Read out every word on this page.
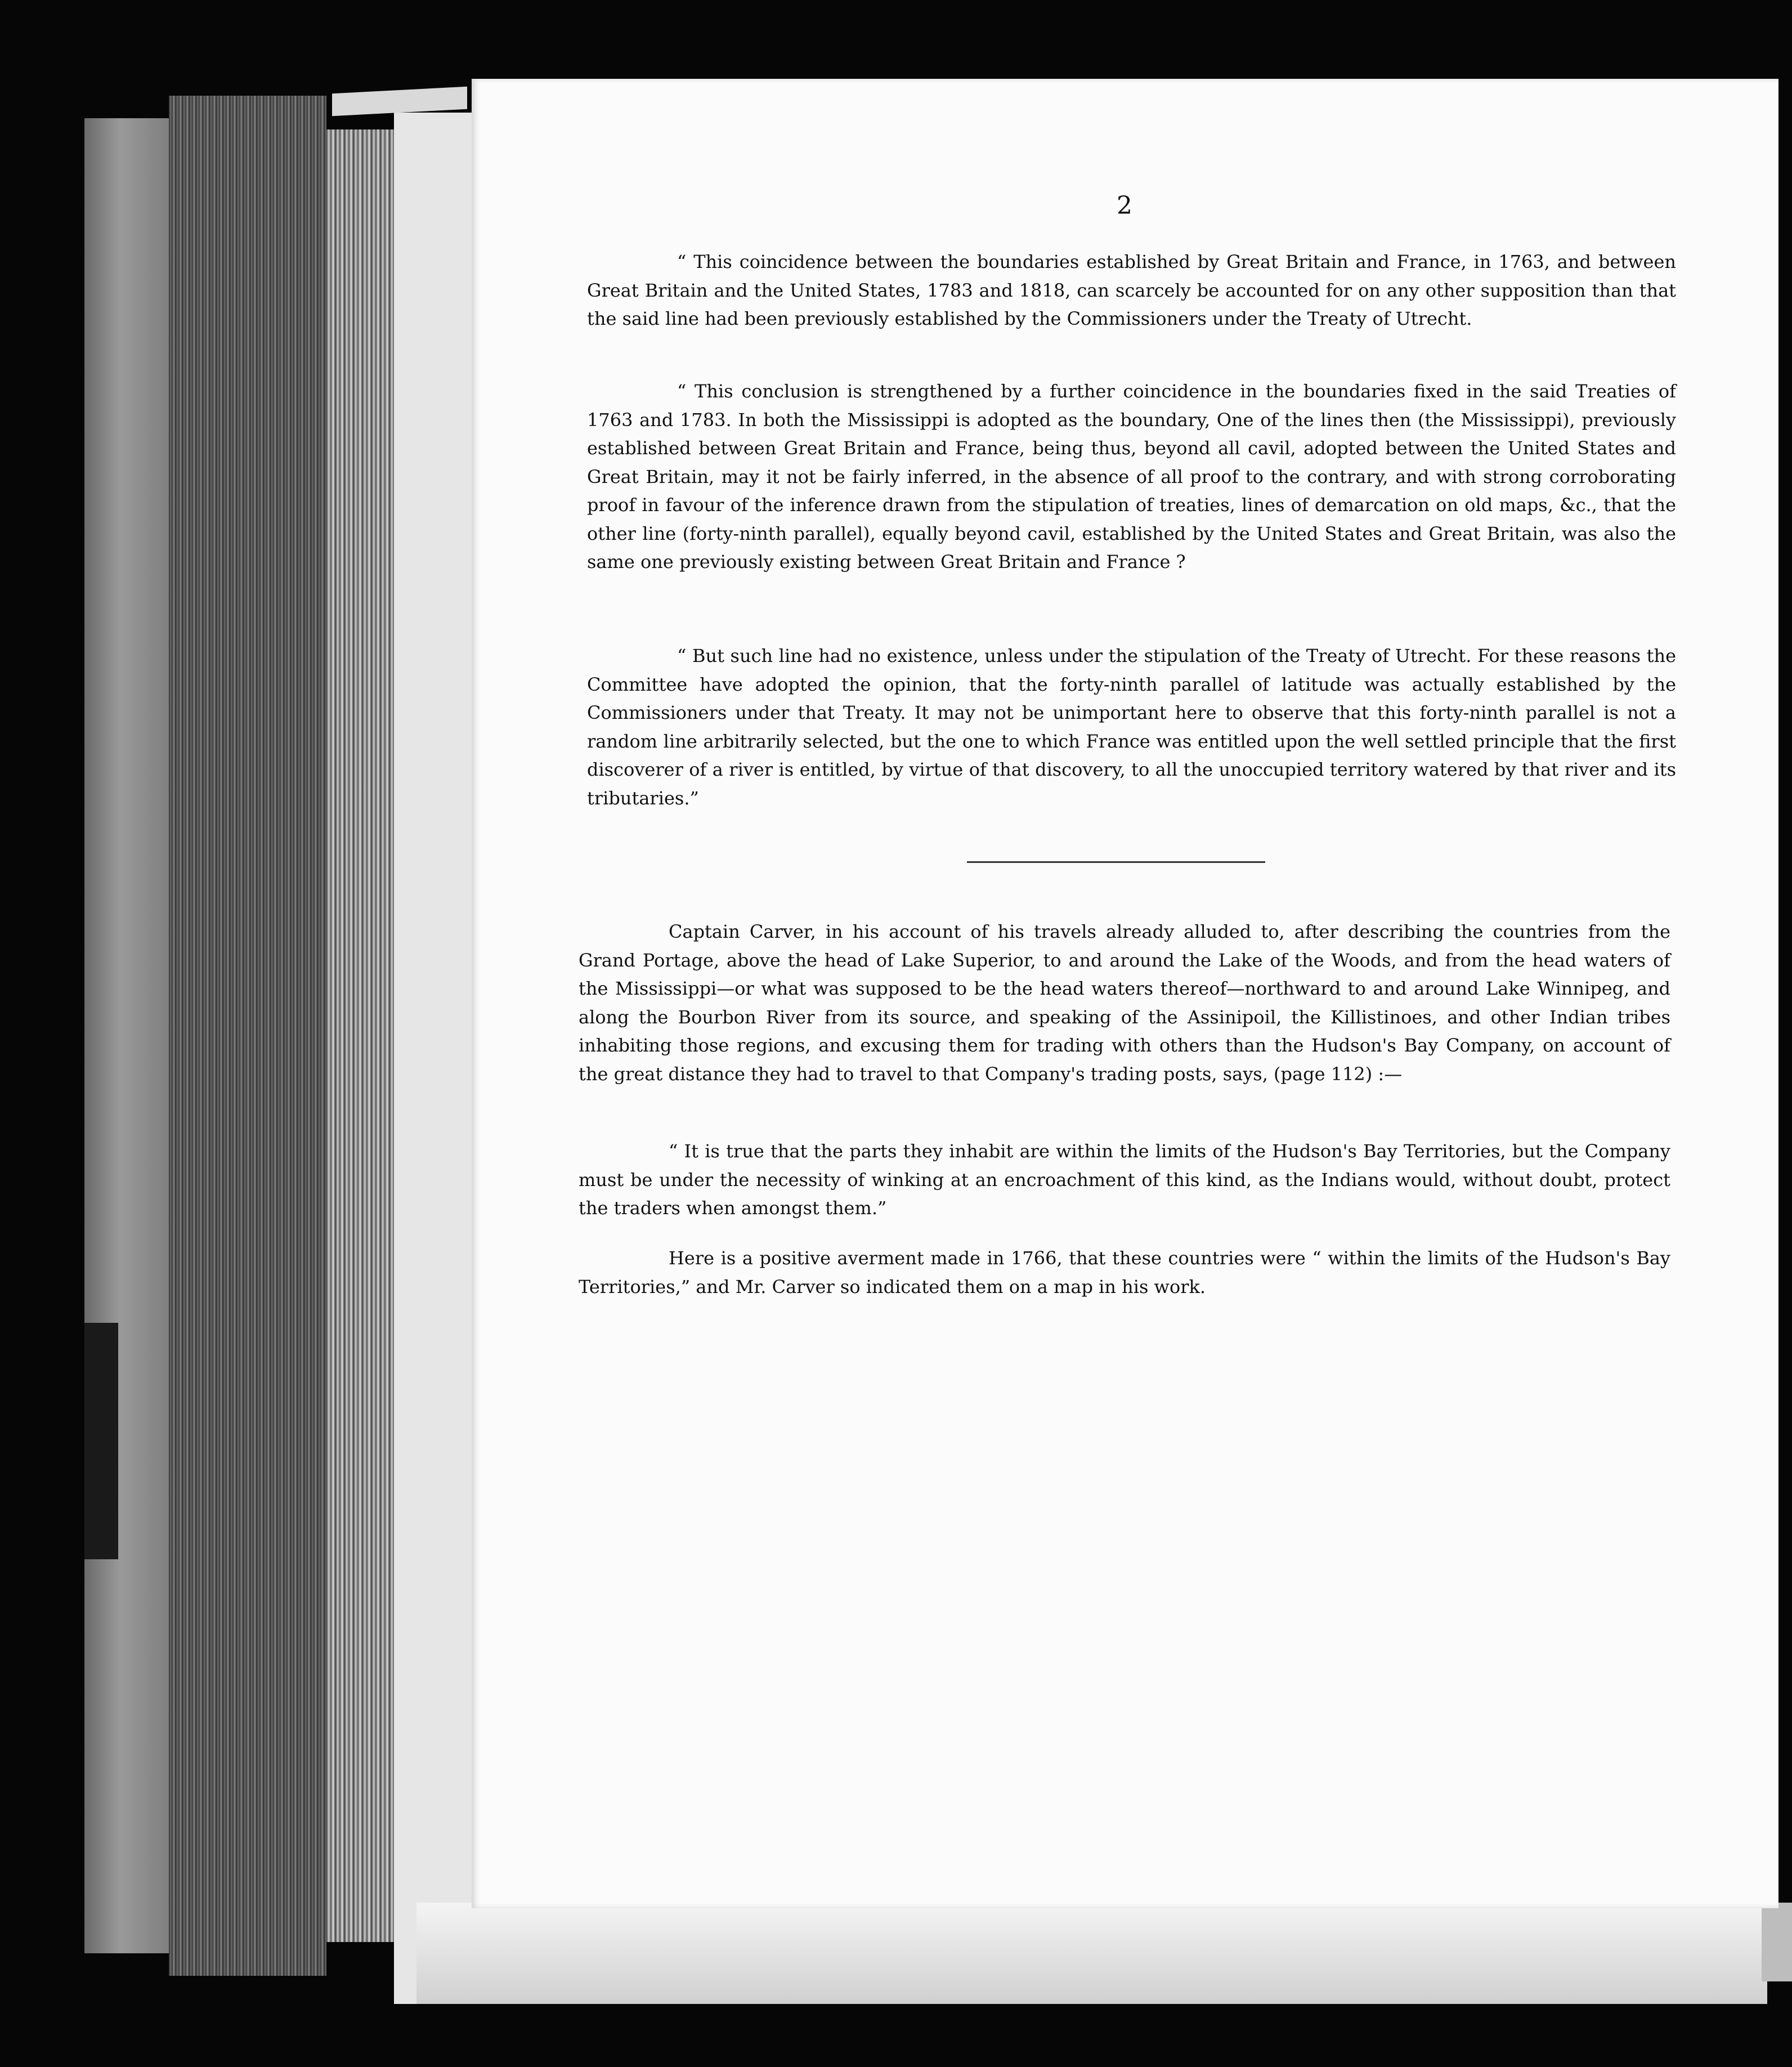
2

“ This coincidence between the boundaries established by Great Britain and France, in 1763, and between Great Britain and the United States, 1783 and 1818, can scarcely be accounted for on any other supposition than that the said line had been previously established by the Commissioners under the Treaty of Utrecht.

“ This conclusion is strengthened by a further coincidence in the boundaries fixed in the said Treaties of 1763 and 1783. In both the Mississippi is adopted as the boundary, One of the lines then (the Mississippi), previously established between Great Britain and France, being thus, beyond all cavil, adopted between the United States and Great Britain, may it not be fairly inferred, in the absence of all proof to the contrary, and with strong corroborating proof in favour of the inference drawn from the stipulation of treaties, lines of demarcation on old maps, &c., that the other line (forty-ninth parallel), equally beyond cavil, established by the United States and Great Britain, was also the same one previously existing between Great Britain and France ?

“ But such line had no existence, unless under the stipulation of the Treaty of Utrecht. For these reasons the Committee have adopted the opinion, that the forty-ninth parallel of latitude was actually established by the Commissioners under that Treaty. It may not be unimportant here to observe that this forty-ninth parallel is not a random line arbitrarily selected, but the one to which France was entitled upon the well settled principle that the first discoverer of a river is entitled, by virtue of that discovery, to all the unoccupied territory watered by that river and its tributaries.”

Captain Carver, in his account of his travels already alluded to, after describing the countries from the Grand Portage, above the head of Lake Superior, to and around the Lake of the Woods, and from the head waters of the Mississippi—or what was supposed to be the head waters thereof—northward to and around Lake Winnipeg, and along the Bourbon River from its source, and speaking of the Assinipoil, the Killistinoes, and other Indian tribes inhabiting those regions, and excusing them for trading with others than the Hudson's Bay Company, on account of the great distance they had to travel to that Company's trading posts, says, (page 112) :—

“ It is true that the parts they inhabit are within the limits of the Hudson's Bay Territories, but the Company must be under the necessity of winking at an encroachment of this kind, as the Indians would, without doubt, protect the traders when amongst them.”

Here is a positive averment made in 1766, that these countries were “ within the limits of the Hudson's Bay Territories,” and Mr. Carver so indicated them on a map in his work.
